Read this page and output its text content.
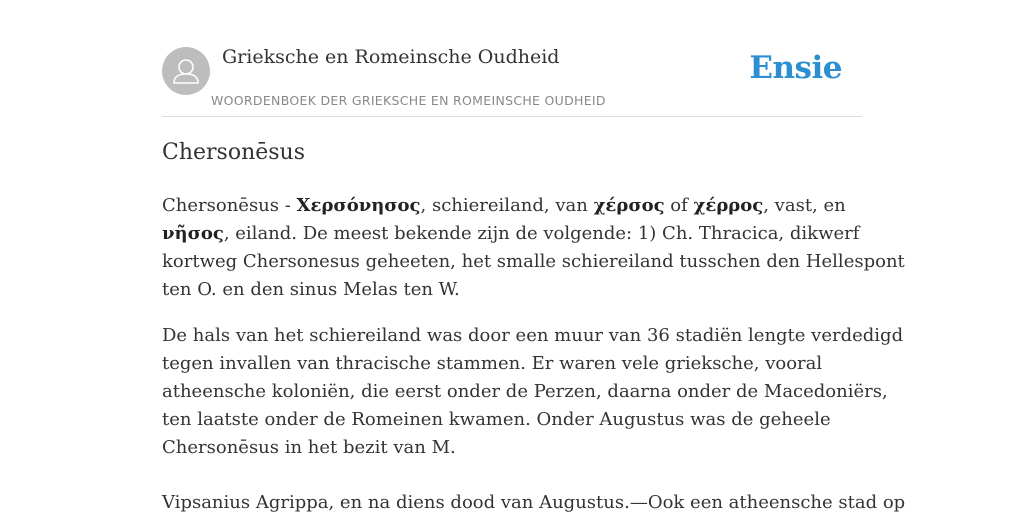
Grieksche en Romeinsche Oudheid
WOORDENBOEK DER GRIEKSCHE EN ROMEINSCHE OUDHEID
Ensie
Chersonēsus

Chersonēsus - Χερσόνησος, schiereiland, van χέρσος of χέρρος, vast, en
νῆσος, eiland. De meest bekende zijn de volgende: 1) Ch. Thracica, dikwerf
kortweg Chersonesus geheeten, het smalle schiereiland tusschen den Hellespont
ten O. en den sinus Melas ten W.

De hals van het schiereiland was door een muur van 36 stadiën lengte verdedigd
tegen invallen van thracische stammen. Er waren vele grieksche, vooral
atheensche koloniën, die eerst onder de Perzen, daarna onder de Macedoniërs,
ten laatste onder de Romeinen kwamen. Onder Augustus was de geheele
Chersonēsus in het bezit van M.

Vipsanius Agrippa, en na diens dood van Augustus.—Ook een atheensche stad op
